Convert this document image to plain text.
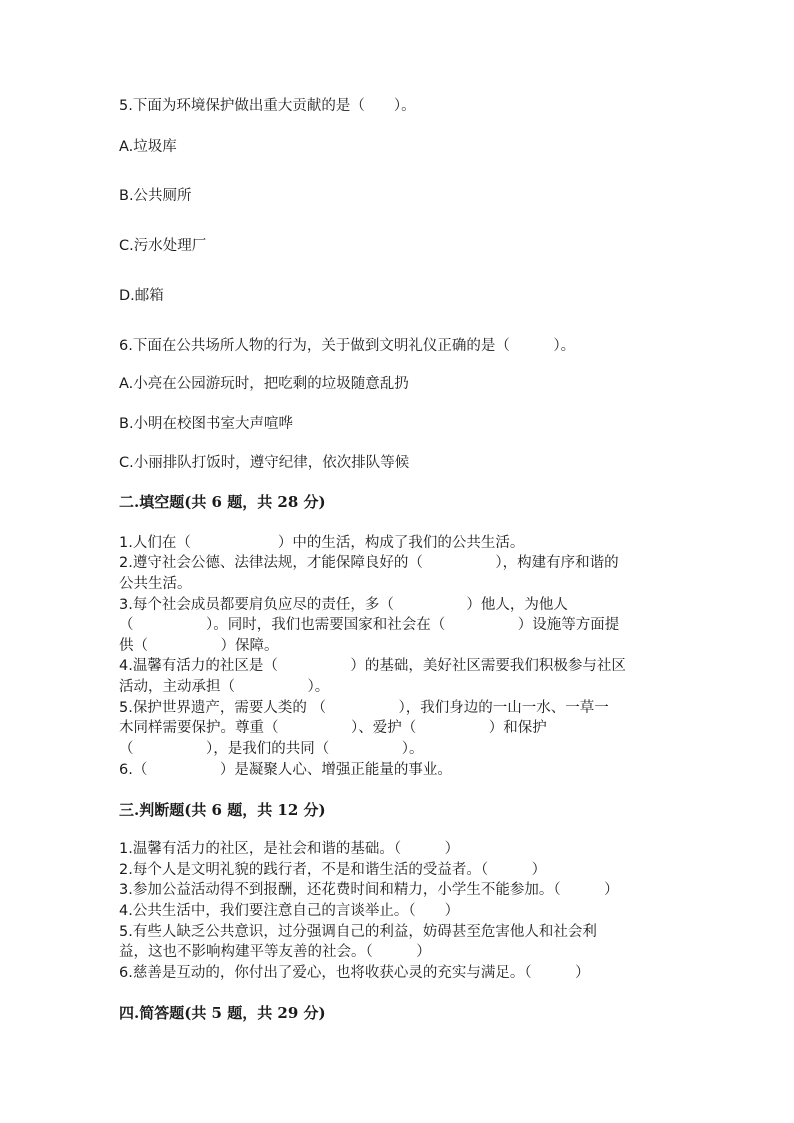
5.下面为环境保护做出重大贡献的是（　　）。
A.垃圾库
B.公共厕所
C.污水处理厂
D.邮箱
6.下面在公共场所人物的行为，关于做到文明礼仪正确的是（　　　）。
A.小亮在公园游玩时，把吃剩的垃圾随意乱扔
B.小明在校图书室大声喧哗
C.小丽排队打饭时，遵守纪律，依次排队等候
二.填空题(共 6 题，共 28 分)
1.人们在（　　　　　　）中的生活，构成了我们的公共生活。
2.遵守社会公德、法律法规，才能保障良好的（　　　　　），构建有序和谐的
公共生活。
3.每个社会成员都要肩负应尽的责任，多（　　　　　）他人，为他人
（　　　　　）。同时，我们也需要国家和社会在（　　　　　）设施等方面提
供（　　　　　）保障。
4.温馨有活力的社区是（　　　　　）的基础，美好社区需要我们积极参与社区
活动，主动承担（　　　　　）。
5.保护世界遗产，需要人类的 （　　　　　），我们身边的一山一水、一草一
木同样需要保护。尊重（　　　　　）、爱护（　　　　　）和保护
（　　　　　），是我们的共同（　　　　　）。
6.（　　　　　）是凝聚人心、增强正能量的事业。
三.判断题(共 6 题，共 12 分)
1.温馨有活力的社区，是社会和谐的基础。（　　　）
2.每个人是文明礼貌的践行者，不是和谐生活的受益者。（　　　）
3.参加公益活动得不到报酬，还花费时间和精力，小学生不能参加。（　　　）
4.公共生活中，我们要注意自己的言谈举止。（　　）
5.有些人缺乏公共意识，过分强调自己的利益，妨碍甚至危害他人和社会利
益，这也不影响构建平等友善的社会。（　　　）
6.慈善是互动的，你付出了爱心，也将收获心灵的充实与满足。（　　　）
四.简答题(共 5 题，共 29 分)
